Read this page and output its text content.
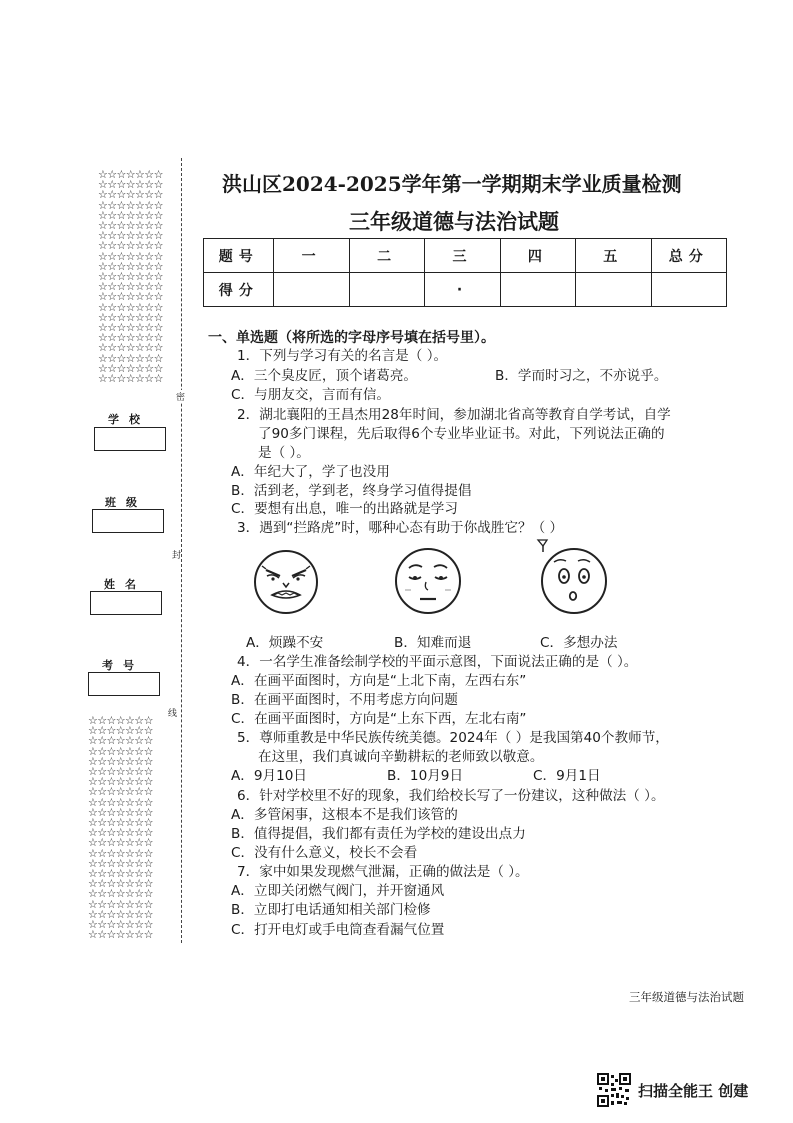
☆☆☆☆☆☆☆
☆☆☆☆☆☆☆
☆☆☆☆☆☆☆
☆☆☆☆☆☆☆
☆☆☆☆☆☆☆
☆☆☆☆☆☆☆
☆☆☆☆☆☆☆
☆☆☆☆☆☆☆
☆☆☆☆☆☆☆
☆☆☆☆☆☆☆
☆☆☆☆☆☆☆
☆☆☆☆☆☆☆
☆☆☆☆☆☆☆
☆☆☆☆☆☆☆
☆☆☆☆☆☆☆
☆☆☆☆☆☆☆
☆☆☆☆☆☆☆
☆☆☆☆☆☆☆
☆☆☆☆☆☆☆
☆☆☆☆☆☆☆
☆☆☆☆☆☆☆
☆☆☆☆☆☆☆
☆☆☆☆☆☆☆
☆☆☆☆☆☆☆
☆☆☆☆☆☆☆
☆☆☆☆☆☆☆
☆☆☆☆☆☆☆
☆☆☆☆☆☆☆
☆☆☆☆☆☆☆
☆☆☆☆☆☆☆
☆☆☆☆☆☆☆
☆☆☆☆☆☆☆
☆☆☆☆☆☆☆
☆☆☆☆☆☆☆
☆☆☆☆☆☆☆
☆☆☆☆☆☆☆
☆☆☆☆☆☆☆
☆☆☆☆☆☆☆
☆☆☆☆☆☆☆
☆☆☆☆☆☆☆
☆☆☆☆☆☆☆
☆☆☆☆☆☆☆
☆☆☆☆☆☆☆
学校
班级
姓名
考号
密
封
线
洪山区2024-2025学年第一学期期末学业质量检测
三年级道德与法治试题
题号	一	二	三	四	五	总分
得分			·			
一、单选题（将所选的字母序号填在括号里）。
1．下列与学习有关的名言是（ ）。
A．三个臭皮匠，顶个诸葛亮。	B．学而时习之，不亦说乎。
C．与朋友交，言而有信。
2．湖北襄阳的王昌杰用28年时间，参加湖北省高等教育自学考试，自学
了90多门课程，先后取得6个专业毕业证书。对此，下列说法正确的
是（ ）。
A．年纪大了，学了也没用
B．活到老，学到老，终身学习值得提倡
C．要想有出息，唯一的出路就是学习
3．遇到“拦路虎”时，哪种心态有助于你战胜它？（ ）
A．烦躁不安	B．知难而退	C．多想办法
4．一名学生准备绘制学校的平面示意图，下面说法正确的是（ ）。
A．在画平面图时，方向是“上北下南，左西右东”
B．在画平面图时，不用考虑方向问题
C．在画平面图时，方向是“上东下西，左北右南”
5．尊师重教是中华民族传统美德。2024年（ ）是我国第40个教师节，
在这里，我们真诚向辛勤耕耘的老师致以敬意。
A．9月10日	B．10月9日	C．9月1日
6．针对学校里不好的现象，我们给校长写了一份建议，这种做法（ ）。
A．多管闲事，这根本不是我们该管的
B．值得提倡，我们都有责任为学校的建设出点力
C．没有什么意义，校长不会看
7．家中如果发现燃气泄漏，正确的做法是（ ）。
A．立即关闭燃气阀门，并开窗通风
B．立即打电话通知相关部门检修
C．打开电灯或手电筒查看漏气位置
三年级道德与法治试题
扫描全能王 创建
